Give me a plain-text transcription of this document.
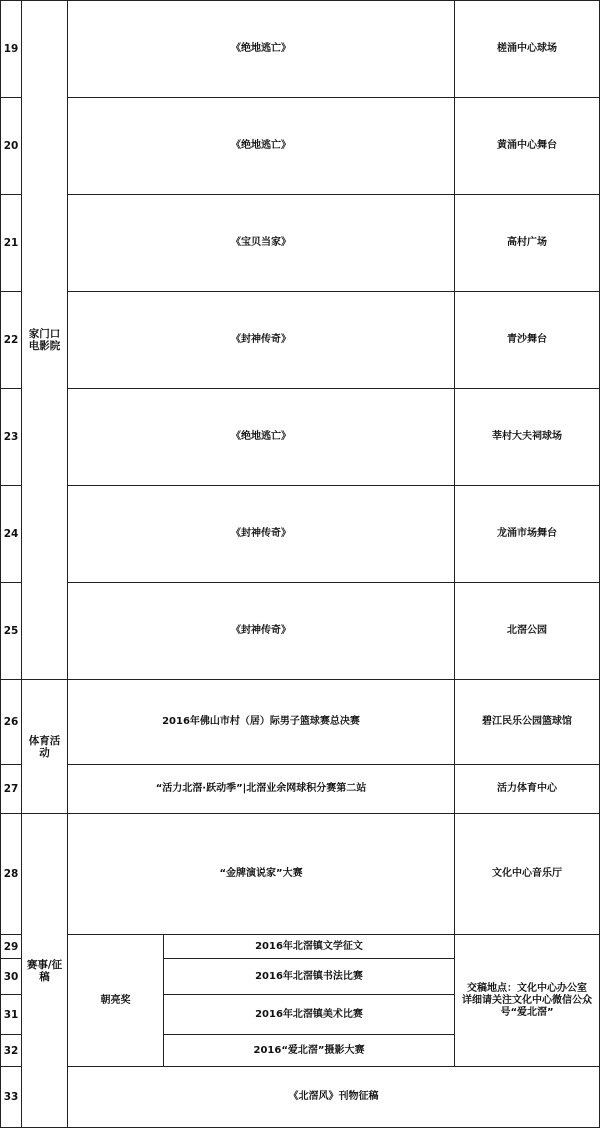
19	家门口电影院	《绝地逃亡》		槎涌中心球场	

20		《绝地逃亡》		黄涌中心舞台	

21		《宝贝当家》		高村广场	

22		《封神传奇》		青沙舞台	

23		《绝地逃亡》		莘村大夫祠球场	

24		《封神传奇》		龙涌市场舞台	

25		《封神传奇》		北滘公园	

26	体育活动	2016年佛山市村（居）际男子篮球赛总决赛		碧江民乐公园篮球馆	
27		“活力北滘·跃动季”|北滘业余网球积分赛第二站		活力体育中心	
28	赛事/征稿	“金牌演说家”大赛		文化中心音乐厅	

29		朝亮奖	2016年北滘镇文学征文	交稿地点：文化中心办公室
详细请关注文化中心微信公众号“爱北滘”	

30			2016年北滘镇书法比赛		
31			2016年北滘镇美术比赛		
32			2016“爱北滘”摄影大赛		
33		《北滘风》刊物征稿	
